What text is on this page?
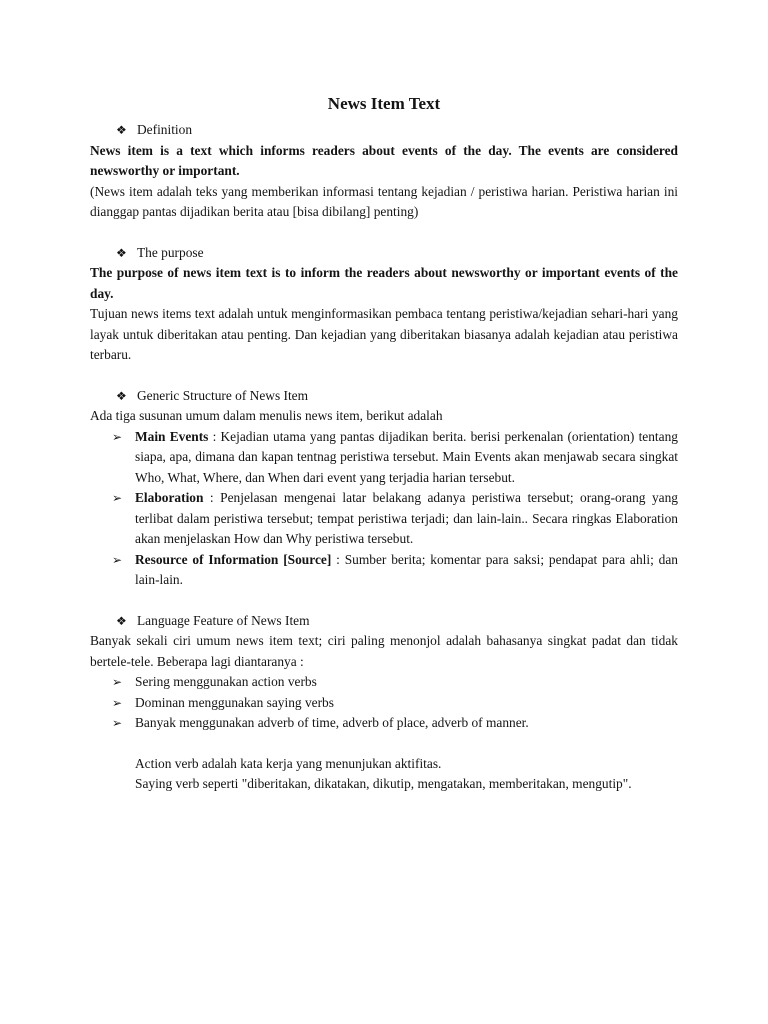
News Item Text
❖ Definition

News item is a text which informs readers about events of the day. The events are considered newsworthy or important.

(News item adalah teks yang memberikan informasi tentang kejadian / peristiwa harian. Peristiwa harian ini dianggap pantas dijadikan berita atau [bisa dibilang] penting)

❖ The purpose

The purpose of news item text is to inform the readers about newsworthy or important events of the day.

Tujuan news items text adalah untuk menginformasikan pembaca tentang peristiwa/kejadian sehari-hari yang layak untuk diberitakan atau penting. Dan kejadian yang diberitakan biasanya adalah kejadian atau peristiwa terbaru.

❖ Generic Structure of News Item

Ada tiga susunan umum dalam menulis news item, berikut adalah

➢ Main Events : Kejadian utama yang pantas dijadikan berita. berisi perkenalan (orientation) tentang siapa, apa, dimana dan kapan tentnag peristiwa tersebut. Main Events akan menjawab secara singkat Who, What, Where, dan When dari event yang terjadia harian tersebut.
➢ Elaboration : Penjelasan mengenai latar belakang adanya peristiwa tersebut; orang-orang yang terlibat dalam peristiwa tersebut; tempat peristiwa terjadi; dan lain-lain.. Secara ringkas Elaboration akan menjelaskan How dan Why peristiwa tersebut.
➢ Resource of Information [Source] : Sumber berita; komentar para saksi; pendapat para ahli; dan lain-lain.
❖ Language Feature of News Item

Banyak sekali ciri umum news item text; ciri paling menonjol adalah bahasanya singkat padat dan tidak bertele-tele. Beberapa lagi diantaranya :

➢ Sering menggunakan action verbs
➢ Dominan menggunakan saying verbs
➢ Banyak menggunakan adverb of time, adverb of place, adverb of manner.
Action verb adalah kata kerja yang menunjukan aktifitas.
Saying verb seperti "diberitakan, dikatakan, dikutip, mengatakan, memberitakan, mengutip".
